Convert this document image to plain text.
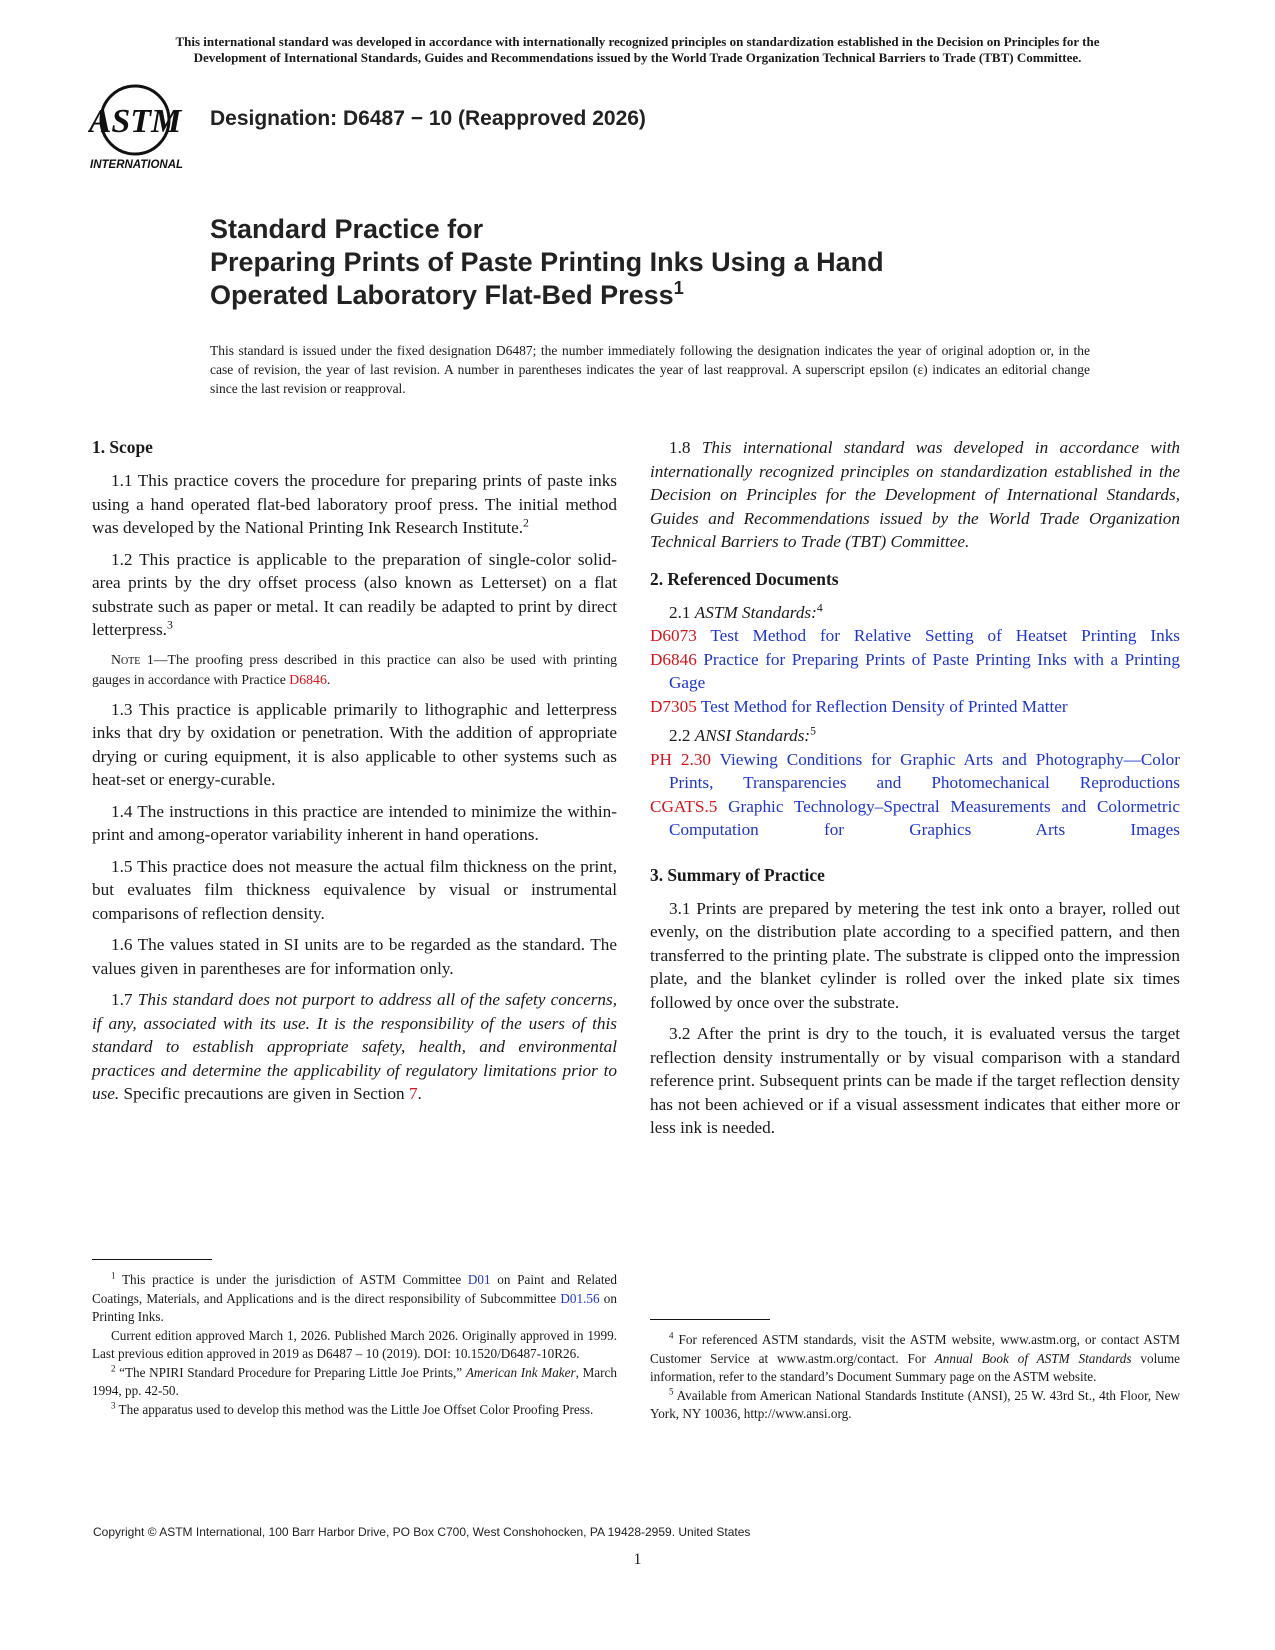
This international standard was developed in accordance with internationally recognized principles on standardization established in the Decision on Principles for the
Development of International Standards, Guides and Recommendations issued by the World Trade Organization Technical Barriers to Trade (TBT) Committee.
ASTM
INTERNATIONAL
Designation: D6487 − 10 (Reapproved 2026)
Standard Practice for
Preparing Prints of Paste Printing Inks Using a Hand
Operated Laboratory Flat-Bed Press$^1$
This standard is issued under the fixed designation D6487; the number immediately following the designation indicates the year of original adoption or, in the case of revision, the year of last revision. A number in parentheses indicates the year of last reapproval. A superscript epsilon (ε) indicates an editorial change since the last revision or reapproval.
1. Scope

1.1 This practice covers the procedure for preparing prints of paste inks using a hand operated flat-bed laboratory proof press. The initial method was developed by the National Printing Ink Research Institute.$^2$

1.2 This practice is applicable to the preparation of single-color solid-area prints by the dry offset process (also known as Letterset) on a flat substrate such as paper or metal. It can readily be adapted to print by direct letterpress.$^3$

Note 1—The proofing press described in this practice can also be used with printing gauges in accordance with Practice D6846.

1.3 This practice is applicable primarily to lithographic and letterpress inks that dry by oxidation or penetration. With the addition of appropriate drying or curing equipment, it is also applicable to other systems such as heat-set or energy-curable.

1.4 The instructions in this practice are intended to minimize the within-print and among-operator variability inherent in hand operations.

1.5 This practice does not measure the actual film thickness on the print, but evaluates film thickness equivalence by visual or instrumental comparisons of reflection density.

1.6 The values stated in SI units are to be regarded as the standard. The values given in parentheses are for information only.

1.7 This standard does not purport to address all of the safety concerns, if any, associated with its use. It is the responsibility of the users of this standard to establish appropriate safety, health, and environmental practices and determine the applicability of regulatory limitations prior to use. Specific precautions are given in Section 7.

1.8 This international standard was developed in accordance with internationally recognized principles on standardization established in the Decision on Principles for the Development of International Standards, Guides and Recommendations issued by the World Trade Organization Technical Barriers to Trade (TBT) Committee.

2. Referenced Documents

2.1 ASTM Standards:$^4$

D6073 Test Method for Relative Setting of Heatset Printing Inks
D6846 Practice for Preparing Prints of Paste Printing Inks with a Printing Gage
D7305 Test Method for Reflection Density of Printed Matter

2.2 ANSI Standards:$^5$

PH 2.30 Viewing Conditions for Graphic Arts and Photography—Color Prints, Transparencies and Photomechanical Reproductions
CGATS.5 Graphic Technology–Spectral Measurements and Colormetric Computation for Graphics Arts Images
3. Summary of Practice

3.1 Prints are prepared by metering the test ink onto a brayer, rolled out evenly, on the distribution plate according to a specified pattern, and then transferred to the printing plate. The substrate is clipped onto the impression plate, and the blanket cylinder is rolled over the inked plate six times followed by once over the substrate.

3.2 After the print is dry to the touch, it is evaluated versus the target reflection density instrumentally or by visual comparison with a standard reference print. Subsequent prints can be made if the target reflection density has not been achieved or if a visual assessment indicates that either more or less ink is needed.

$^1$ This practice is under the jurisdiction of ASTM Committee D01 on Paint and Related Coatings, Materials, and Applications and is the direct responsibility of Subcommittee D01.56 on Printing Inks.

Current edition approved March 1, 2026. Published March 2026. Originally approved in 1999. Last previous edition approved in 2019 as D6487 – 10 (2019). DOI: 10.1520/D6487-10R26.

$^2$ “The NPIRI Standard Procedure for Preparing Little Joe Prints,” American Ink Maker, March 1994, pp. 42-50.

$^3$ The apparatus used to develop this method was the Little Joe Offset Color Proofing Press.

$^4$ For referenced ASTM standards, visit the ASTM website, www.astm.org, or contact ASTM Customer Service at www.astm.org/contact. For Annual Book of ASTM Standards volume information, refer to the standard’s Document Summary page on the ASTM website.

$^5$ Available from American National Standards Institute (ANSI), 25 W. 43rd St., 4th Floor, New York, NY 10036, http://www.ansi.org.

Copyright © ASTM International, 100 Barr Harbor Drive, PO Box C700, West Conshohocken, PA 19428-2959. United States
1
